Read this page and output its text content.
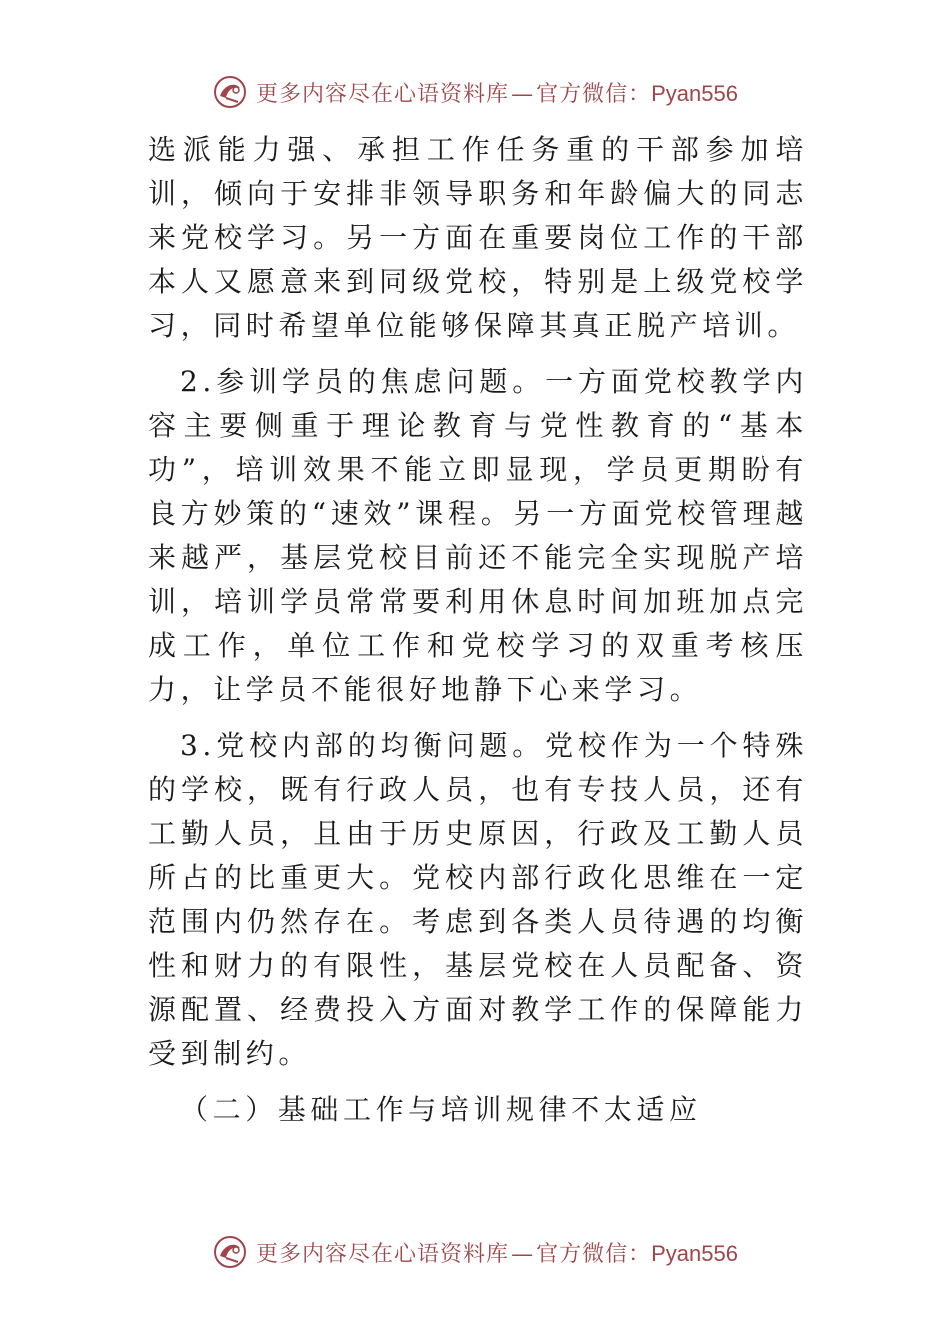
更多内容尽在心语资料库—官方微信：Pyan556

选派能力强、承担工作任务重的干部参加培训，倾向于安排非领导职务和年龄偏大的同志来党校学习。另一方面在重要岗位工作的干部本人又愿意来到同级党校，特别是上级党校学习，同时希望单位能够保障其真正脱产培训。

2.参训学员的焦虑问题。一方面党校教学内容主要侧重于理论教育与党性教育的“基本功”，培训效果不能立即显现，学员更期盼有良方妙策的“速效”课程。另一方面党校管理越来越严，基层党校目前还不能完全实现脱产培训，培训学员常常要利用休息时间加班加点完成工作，单位工作和党校学习的双重考核压力，让学员不能很好地静下心来学习。

3.党校内部的均衡问题。党校作为一个特殊的学校，既有行政人员，也有专技人员，还有工勤人员，且由于历史原因，行政及工勤人员所占的比重更大。党校内部行政化思维在一定范围内仍然存在。考虑到各类人员待遇的均衡性和财力的有限性，基层党校在人员配备、资源配置、经费投入方面对教学工作的保障能力受到制约。

（二）基础工作与培训规律不太适应

更多内容尽在心语资料库—官方微信：Pyan556
